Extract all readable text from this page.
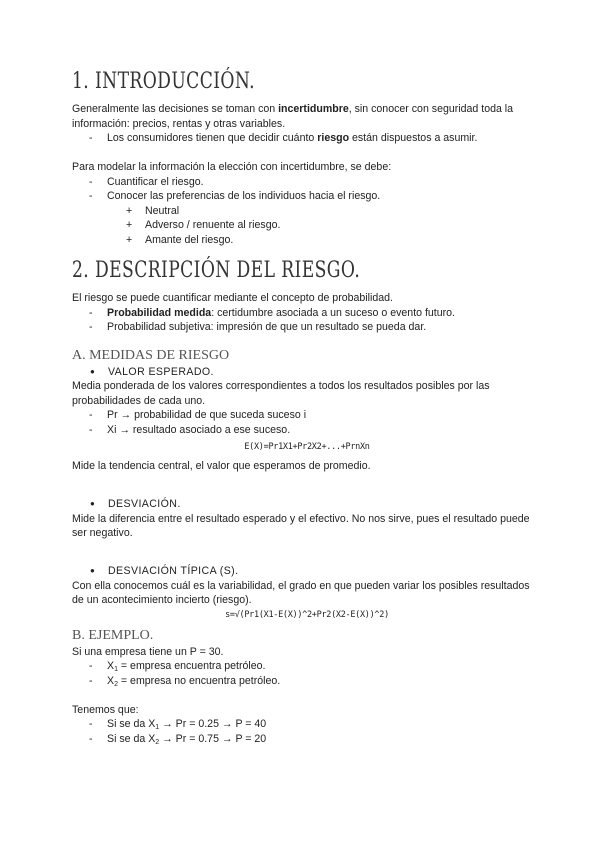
1. INTRODUCCIÓN.

Generalmente las decisiones se toman con incertidumbre, sin conocer con seguridad toda la información: precios, rentas y otras variables.

- Los consumidores tienen que decidir cuánto riesgo están dispuestos a asumir.

Para modelar la información la elección con incertidumbre, se debe:

- Cuantificar el riesgo.
- Conocer las preferencias de los individuos hacia el riesgo.
+ Neutral
+ Adverso / renuente al riesgo.
+ Amante del riesgo.
2. DESCRIPCIÓN DEL RIESGO.

El riesgo se puede cuantificar mediante el concepto de probabilidad.

- Probabilidad medida: certidumbre asociada a un suceso o evento futuro.
- Probabilidad subjetiva: impresión de que un resultado se pueda dar.
A. MEDIDAS DE RIESGO
● VALOR ESPERADO.

Media ponderada de los valores correspondientes a todos los resultados posibles por las probabilidades de cada uno.

- Pr → probabilidad de que suceda suceso i
- Xi → resultado asociado a ese suceso.
E(X)=Pr1X1+Pr2X2+...+PrnXn

Mide la tendencia central, el valor que esperamos de promedio.

● DESVIACIÓN.

Mide la diferencia entre el resultado esperado y el efectivo. No nos sirve, pues el resultado puede ser negativo.

● DESVIACIÓN TÍPICA (S).

Con ella conocemos cuál es la variabilidad, el grado en que pueden variar los posibles resultados de un acontecimiento incierto (riesgo).

s=√(Pr1(X1-E(X))^2+Pr2(X2-E(X))^2)
B. EJEMPLO.

Si una empresa tiene un P = 30.

- $X_1$ = empresa encuentra petróleo.
- $X_2$ = empresa no encuentra petróleo.

Tenemos que:

- Si se da $X_1 \to Pr = 0.25 \to P = 40$
- Si se da $X_2 \to Pr = 0.75 \to P = 20$
